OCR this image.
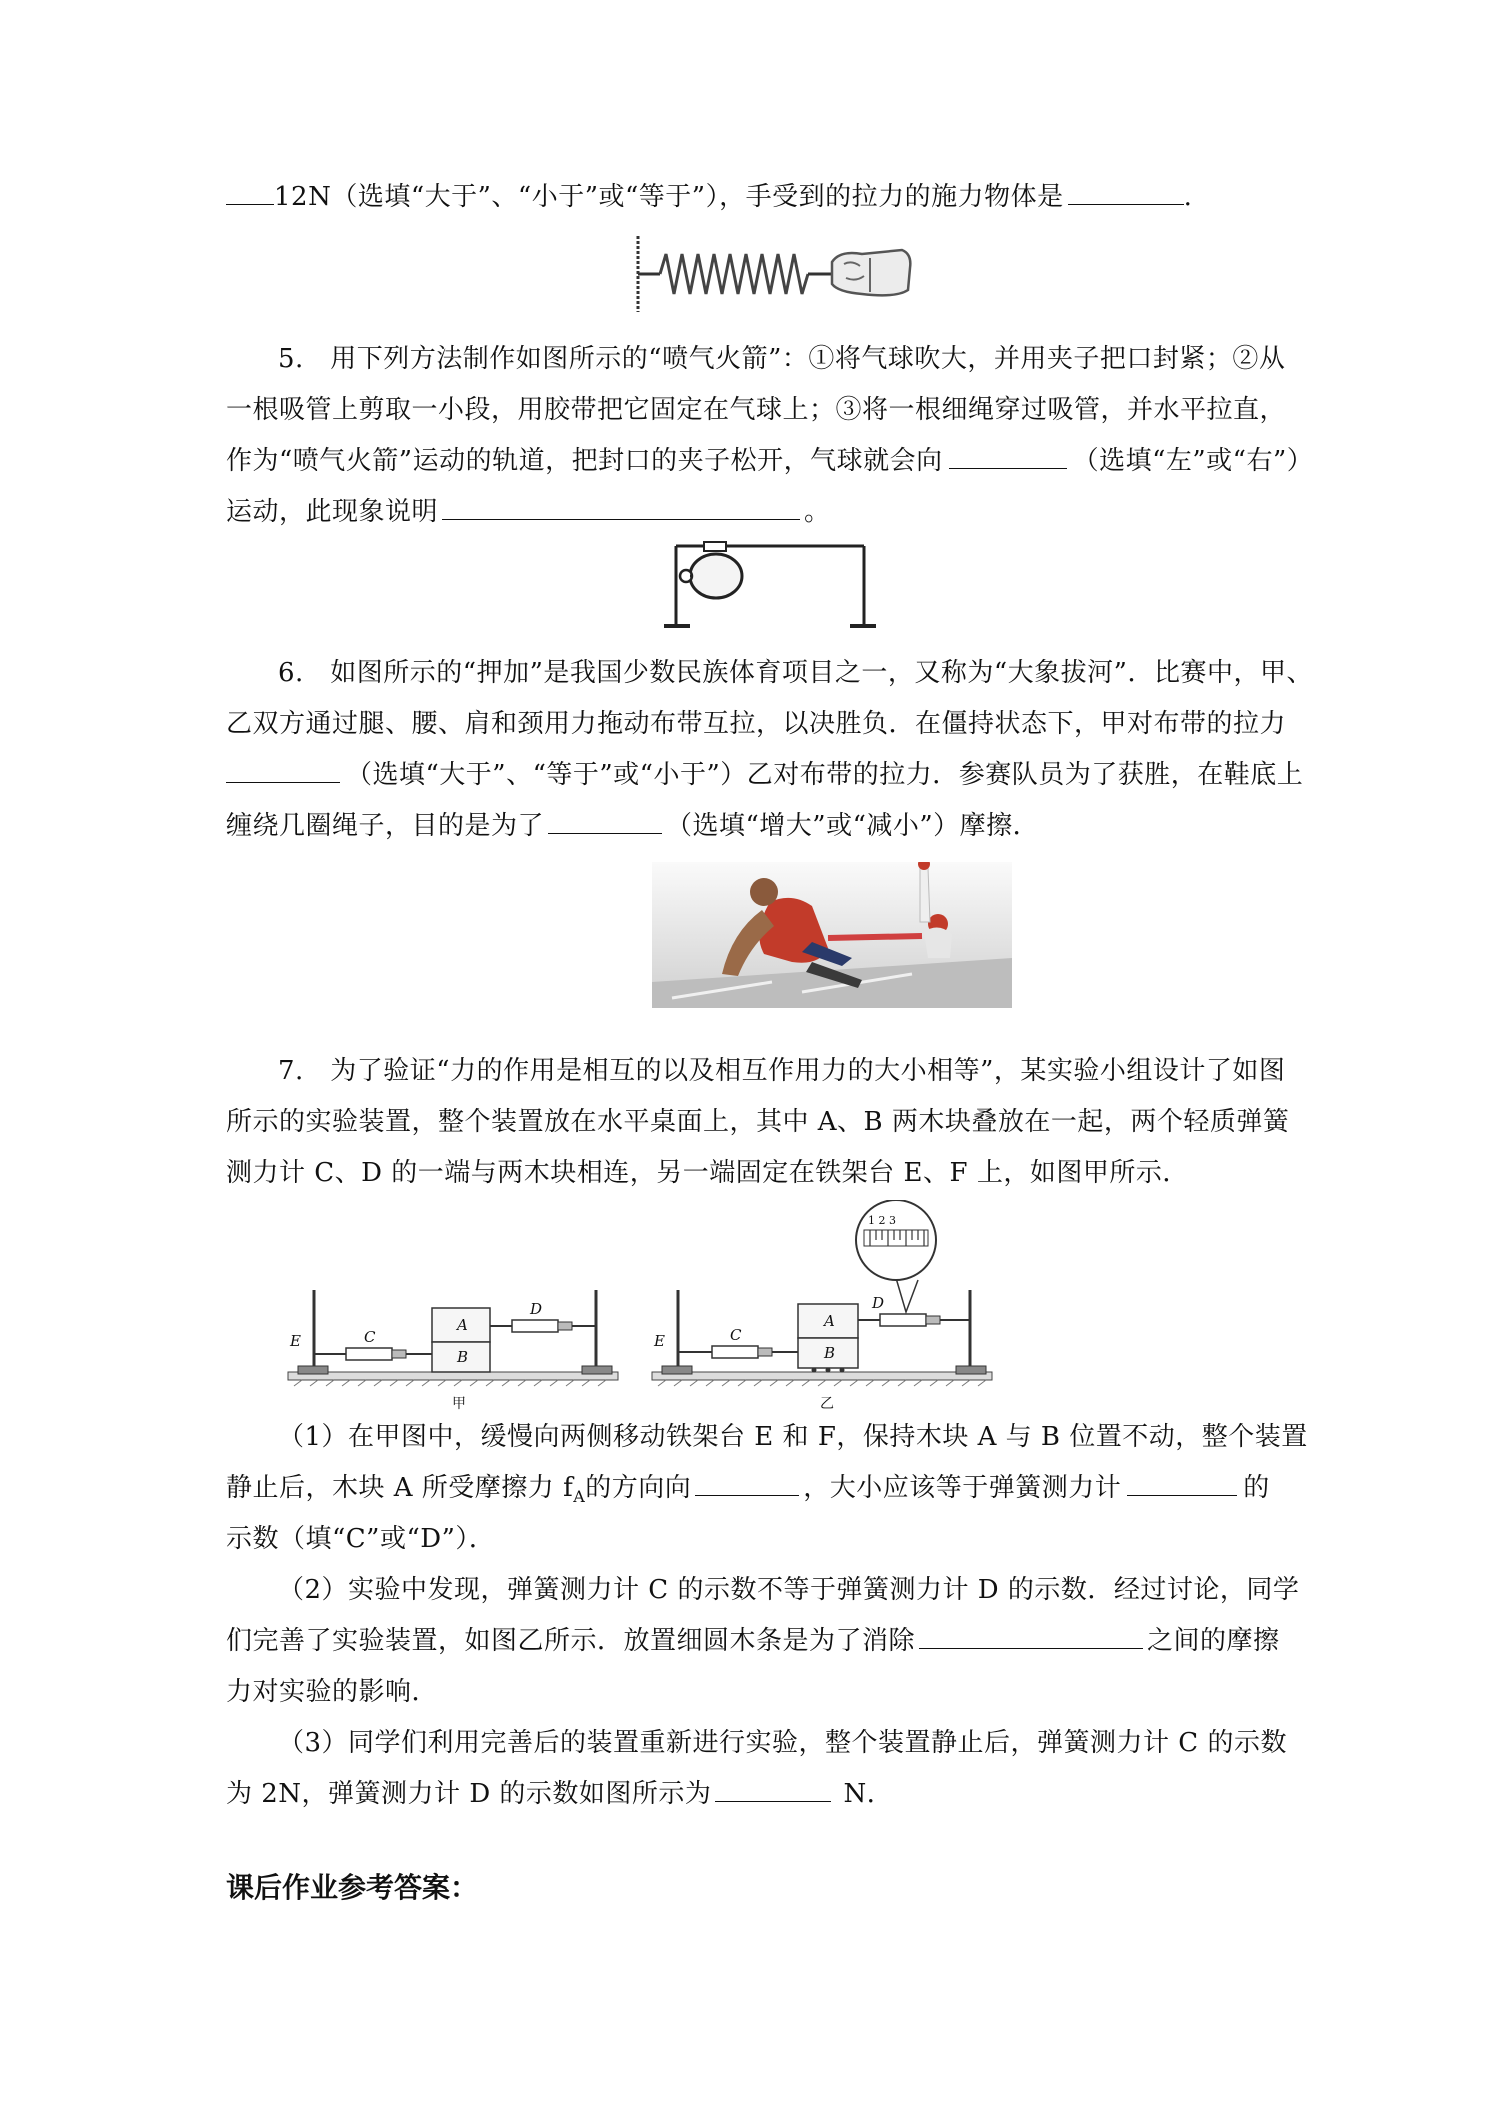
12N（选填“大于”、“小于”或“等于”），手受到的拉力的施力物体是	.
5.　用下列方法制作如图所示的“喷气火箭”：①将气球吹大，并用夹子把口封紧；②从
一根吸管上剪取一小段，用胶带把它固定在气球上；③将一根细绳穿过吸管，并水平拉直，
作为“喷气火箭”运动的轨道，把封口的夹子松开，气球就会向	（选填“左”或“右”）
运动，此现象说明	。
6.　如图所示的“押加”是我国少数民族体育项目之一，又称为“大象拔河”．比赛中，甲、
乙双方通过腿、腰、肩和颈用力拖动布带互拉，以决胜负．在僵持状态下，甲对布带的拉力
（选填“大于”、“等于”或“小于”）乙对布带的拉力．参赛队员为了获胜，在鞋底上
缠绕几圈绳子，目的是为了	（选填“增大”或“减小”）摩擦．
7.　为了验证“力的作用是相互的以及相互作用力的大小相等”，某实验小组设计了如图
所示的实验装置，整个装置放在水平桌面上，其中 A、B 两木块叠放在一起，两个轻质弹簧
测力计 C、D 的一端与两木块相连，另一端固定在铁架台 E、F 上，如图甲所示．
E
A
B
C
D
甲
E
A
B
C
D
1 2 3
乙
（1）在甲图中，缓慢向两侧移动铁架台 E 和 F，保持木块 A 与 B 位置不动，整个装置
静止后，木块 A 所受摩擦力 $f_A$的方向向	，大小应该等于弹簧测力计	的
示数（填“C”或“D”）．
（2）实验中发现，弹簧测力计 C 的示数不等于弹簧测力计 D 的示数．经过讨论，同学
们完善了实验装置，如图乙所示．放置细圆木条是为了消除	之间的摩擦
力对实验的影响．
（3）同学们利用完善后的装置重新进行实验，整个装置静止后，弹簧测力计 C 的示数
为 2N，弹簧测力计 D 的示数如图所示为	N．
课后作业参考答案：
